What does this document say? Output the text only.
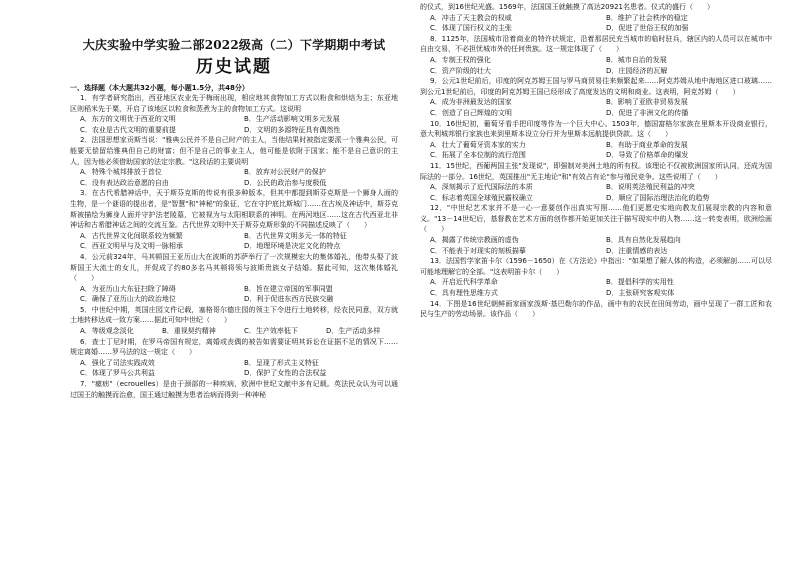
大庆实验中学实验二部2022级高（二）下学期期中考试
历史试题
一、选择题（本大题共32小题，每小题1.5分，共48分）
1．有学者研究指出，西亚地区农业先于梅雨出现，相应地其食物加工方式以粉食和烘焙为主；东亚地区则稻米先于粟，开启了该地区以粒食和蒸煮为主的食物加工方式。这说明
A．东方的文明优于西亚的文明	B．生产活动影响文明多元发展
C．农业是古代文明的重要前提	D．文明的多源特征具有偶然性
2．法国思想家贡斯当说："雅典公民并不是自己时产的主人，当他结果时被指定要派一个雅典公民，可能要无偿留给雅典但自己的财富；但不是自己的事业主人，他可能是依附于国家；能不是自己意识的主人，因为他必须借助国家的法定宗教。"这段话的主要说明
A．特殊个城邦排放于首位	B．放弃对公民财产的保护
C．没有表达政治意愿的自由	D．公民的政治参与度极低
3．在古代希腊神话中，天于斯芬克斯的传说有很多种版本，但其中都提到斯芬克斯是一个狮身人面的生物，是一个谜语的提出者，是"智慧"和"神秘"的象征，它在守护底比斯城门……在古埃及神话中，斯芬克斯被描绘为狮身人面并守护法老陵墓，它被视为与太阳相联系的神明。在两河地区……这在古代西亚北非神话和古希腊神话之间的交流互鉴。古代世界文明中关于斯芬克斯形象的不同描述反映了（　　）
A．古代世界文化间联系较为频繁	B．古代世界文明多元一体的特征
C．西亚文明早与及文明一脉相承	D．地理环境是决定文化的特点
4．公元前324年，马其顿国王亚历山大在波斯的苏萨举行了一次规模宏大的集体婚礼，他带头娶了波斯国王大流士的女儿，并促成了约80多名马其顿将领与波斯贵族女子结婚。据此可知，这次集体婚礼（　　）
A．为亚历山大东征扫除了障碍	B．旨在建立帝国的军事同盟
C．确保了亚历山大的政治地位	D．利于促进东西方民族交融
5．中世纪中期，英国庄园文件记载，塞格哥尔德庄园的领主下令进行土地转移，经农民同意，双方就土地转移达成一致方案……据此可知中世纪（　　）
A．等级观念淡化	B．重视契约精神	C．生产效率低下	D．生产活动多样
6．查士丁尼时期，在罗马帝国有规定，离婚或丧偶的被告如需要证明其诉讼在证据不足的情况下……规定离婚……罗马法的这一规定（　　）
A．强化了司法实践成效	B．呈现了形式主义特征
C．体现了罗马公共利益	D．保护了女性的合法权益
7．"瘰疬"（ecrouelles）是由于颈部的一种疾病，欧洲中世纪文献中多有记载。英法民众认为可以通过国王的触摸而治愈，国王通过触摸为患者治病而得到一种神秘
的仪式，到16世纪光盛。1569年，法国国王就触摸了高达20921名患者。仪式的盛行（　　）
A．冲击了天主教会的权威	B．维护了社会秩序的稳定
C．体现了国行权义的主张	D．促进了世俗王权的加强
8．1125年，法国城市沿着商业的特许状规定，沿着那居民充当城市的临时驻兵，辖区内的人员可以在城市中自由交易，不必担忧城市外的任何贵族。这一规定体现了（　　）
A．专制王权的强化	B．城市自治的发展
C．资产阶级的壮大	D．庄园经济的瓦解
9．公元1世纪前后，印度的阿克苏姆王国与罗马商贸易往来频繁起来……阿克苏姆从地中海地区进口玻璃……到公元1世纪前后，印度的阿克苏姆王国已经形成了高度发达的文明和商业。这表明，阿克苏姆（　　）
A．成为非洲最发达的国家	B．影响了亚欧非贸易发展
C．创造了自己辉煌的文明	D．促进了非洲文化的传播
10．16世纪初，葡萄牙看手把印度等作为一个巨大中心。1503年，德国富格尔家族在里斯本开设商业银行，意大利城邦银行家族也来到里斯本设立分行并为里斯本远航提供贷款。这（　　）
A．壮大了葡萄牙资本家的实力	B．有助于商业革命的发展
C．拓展了全本位制的流行范围	D．导致了价格革命的爆发
11．15世纪，西葡两国主张"发现说"，即强制对美洲土地的所有权。该理论不仅被欧洲国家所认同，还成为国际法的一部分。16世纪，英国推出"无主地论"和"有效占有论"参与殖民竞争。这些说明了（　　）
A．深刻揭示了近代国际法的本质	B．说明英法殖民利益的冲突
C．标志着英国全球殖民霸权确立	D．顺应了国际治理法治化的趋势
12．"中世纪艺术家并不是一心一意要创作出真实写照……他们更愿史实地向教友们展现宗教的内容和意义。"13－14世纪后，基督教在艺术方面的创作都开始更加关注于描写现实中的人物……这一转变表明，欧洲绘画（　　）
A．揭露了传统宗教画的虚伪	B．具有自然化发展趋向
C．不能表于对现实的刻板描摹	D．注重情感的表达
13．法国哲学家笛卡尔（1596－1650）在《方法论》中指出："如果想了解人体的构造，必须解剖……可以尽可能地理解它的全部。"这表明笛卡尔（　　）
A．开启近代科学革命	B．提倡科学的实用性
C．具有理性思维方式	D．主张研究客观实体
14．下图是16世纪朝鲜画家画家泼斯·基巴勒尔的作品，画中有的农民在田间劳动，画中呈现了一群工匠和农民与生产的劳动场景。该作品（　　）
